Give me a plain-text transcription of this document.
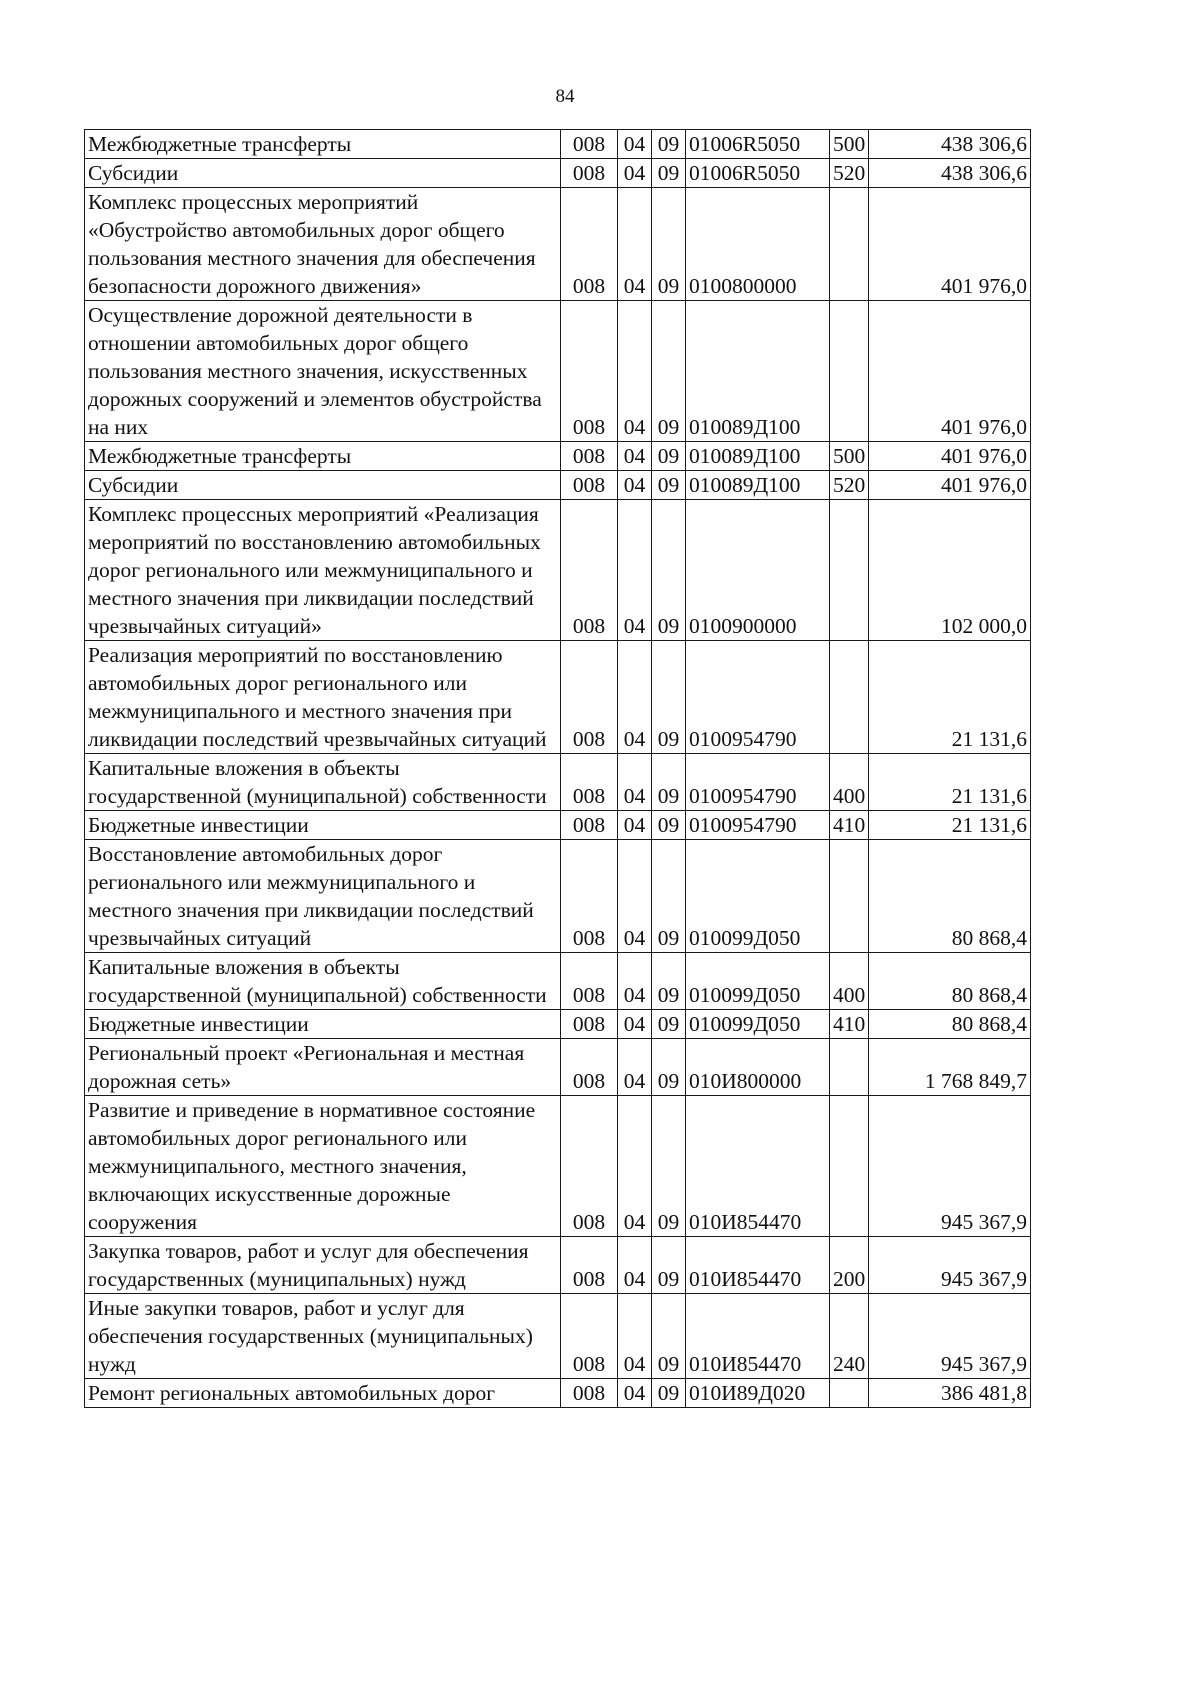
84
Межбюджетные трансферты	008	04	09	01006R5050	500	438 306,6
Субсидии	008	04	09	01006R5050	520	438 306,6
Комплекс процессных мероприятий «Обустройство автомобильных дорог общего пользования местного значения для обеспечения безопасности дорожного движения»	008	04	09	0100800000		401 976,0
Осуществление дорожной деятельности в отношении автомобильных дорог общего пользования местного значения, искусственных дорожных сооружений и элементов обустройства на них	008	04	09	010089Д100		401 976,0
Межбюджетные трансферты	008	04	09	010089Д100	500	401 976,0
Субсидии	008	04	09	010089Д100	520	401 976,0
Комплекс процессных мероприятий «Реализация мероприятий по восстановлению автомобильных дорог регионального или межмуниципального и местного значения при ликвидации последствий чрезвычайных ситуаций»	008	04	09	0100900000		102 000,0
Реализация мероприятий по восстановлению автомобильных дорог регионального или межмуниципального и местного значения при ликвидации последствий чрезвычайных ситуаций	008	04	09	0100954790		21 131,6
Капитальные вложения в объекты государственной (муниципальной) собственности	008	04	09	0100954790	400	21 131,6
Бюджетные инвестиции	008	04	09	0100954790	410	21 131,6
Восстановление автомобильных дорог регионального или межмуниципального и местного значения при ликвидации последствий чрезвычайных ситуаций	008	04	09	010099Д050		80 868,4
Капитальные вложения в объекты государственной (муниципальной) собственности	008	04	09	010099Д050	400	80 868,4
Бюджетные инвестиции	008	04	09	010099Д050	410	80 868,4
Региональный проект «Региональная и местная дорожная сеть»	008	04	09	010И800000		1 768 849,7
Развитие и приведение в нормативное состояние автомобильных дорог регионального или межмуниципального, местного значения, включающих искусственные дорожные сооружения	008	04	09	010И854470		945 367,9
Закупка товаров, работ и услуг для обеспечения государственных (муниципальных) нужд	008	04	09	010И854470	200	945 367,9
Иные закупки товаров, работ и услуг для обеспечения государственных (муниципальных) нужд	008	04	09	010И854470	240	945 367,9
Ремонт региональных автомобильных дорог	008	04	09	010И89Д020		386 481,8
